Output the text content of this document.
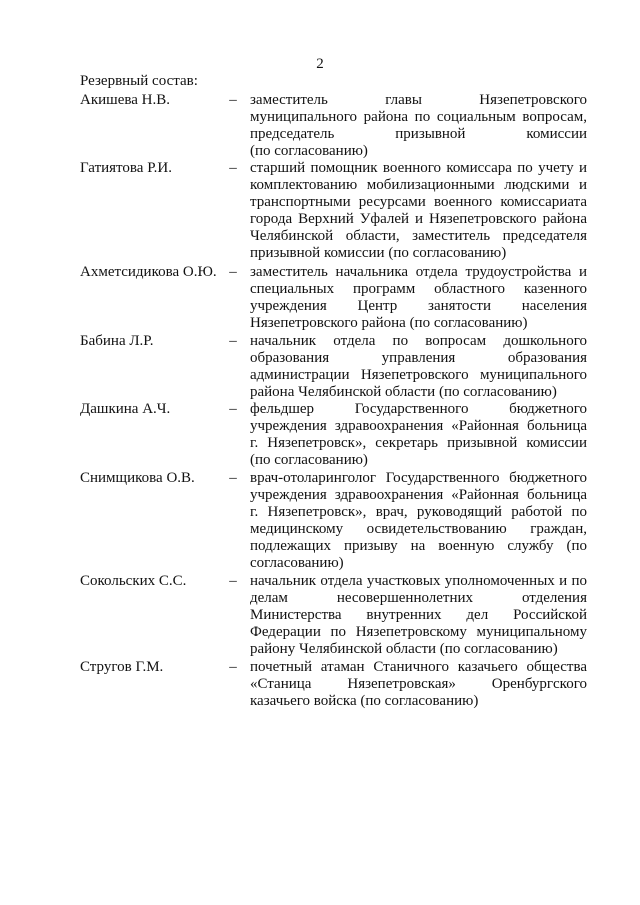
2
Резервный состав:
Акишева Н.В.	– заместитель главы Нязепетровского
муниципального района по социальным вопросам,
председатель призывной комиссии
(по согласованию)
Гатиятова Р.И.	– старший помощник военного комиссара по учету и
комплектованию мобилизационными людскими и
транспортными ресурсами военного комиссариата
города Верхний Уфалей и Нязепетровского района
Челябинской области, заместитель председателя
призывной комиссии (по согласованию)
Ахметсидикова О.Ю. – заместитель начальника отдела трудоустройства и
специальных программ областного казенного
учреждения Центр занятости населения
Нязепетровского района (по согласованию)
Бабина Л.Р.	– начальник отдела по вопросам дошкольного
образования управления образования
администрации Нязепетровского муниципального
района Челябинской области (по согласованию)
Дашкина А.Ч.	– фельдшер Государственного бюджетного
учреждения здравоохранения «Районная больница
г. Нязепетровск», секретарь призывной комиссии
(по согласованию)
Снимщикова О.В. – врач-отоларинголог Государственного бюджетного
учреждения здравоохранения «Районная больница
г. Нязепетровск», врач, руководящий работой по
медицинскому освидетельствованию граждан,
подлежащих призыву на военную службу (по
согласованию)
Сокольских С.С.	– начальник отдела участковых уполномоченных и по
делам несовершеннолетних отделения
Министерства внутренних дел Российской
Федерации по Нязепетровскому муниципальному
району Челябинской области (по согласованию)
Стругов Г.М.	– почетный атаман Станичного казачьего общества
«Станица Нязепетровская» Оренбургского
казачьего войска (по согласованию)
